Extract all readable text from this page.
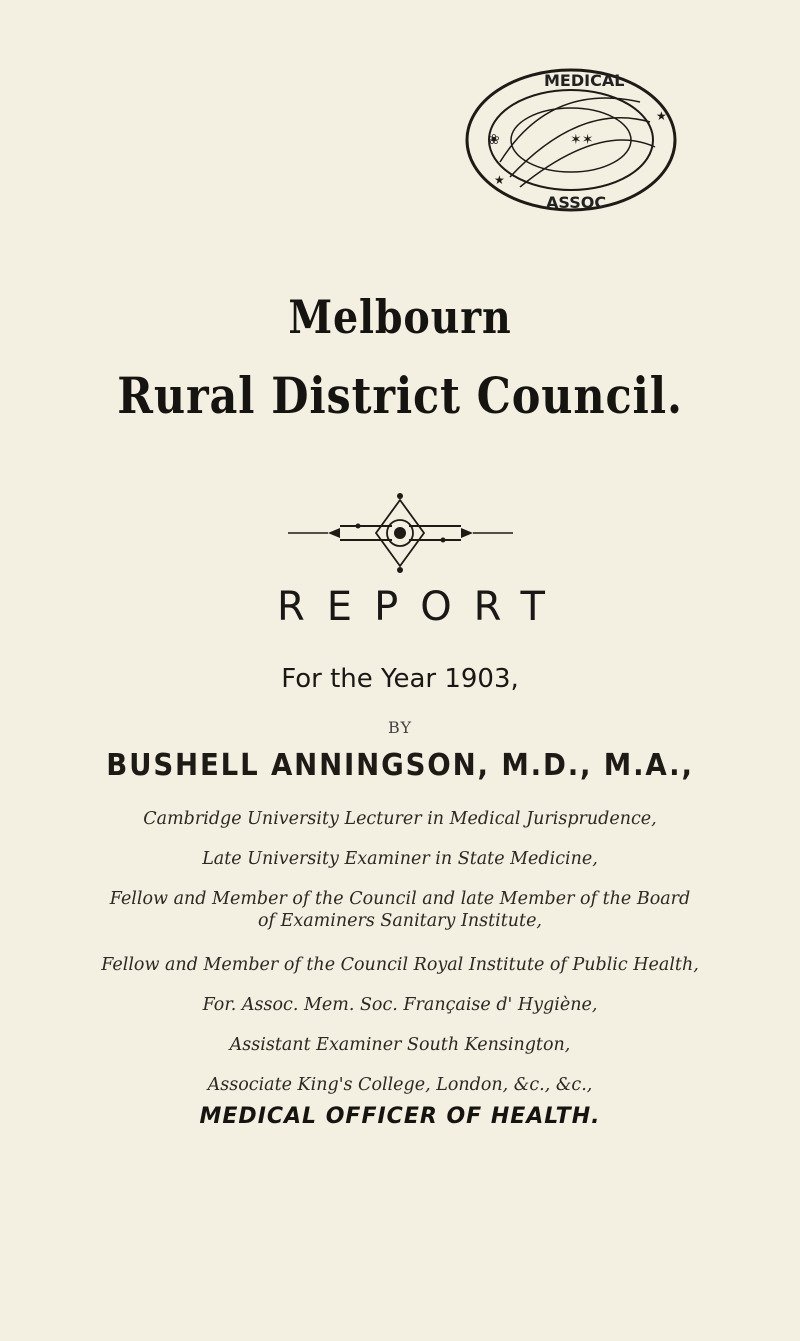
MEDICAL
ASSOC
✶✶
❀
★
★
Melbourn
Rural District Council.
REPORT
For the Year 1903,
BY
BUSHELL ANNINGSON, M.D., M.A.,
Cambridge University Lecturer in Medical Jurisprudence,
Late University Examiner in State Medicine,
Fellow and Member of the Council and late Member of the Board
of Examiners Sanitary Institute,
Fellow and Member of the Council Royal Institute of Public Health,
For. Assoc. Mem. Soc. Française d' Hygiène,
Assistant Examiner South Kensington,
Associate King's College, London, &c., &c.,
MEDICAL OFFICER OF HEALTH.
